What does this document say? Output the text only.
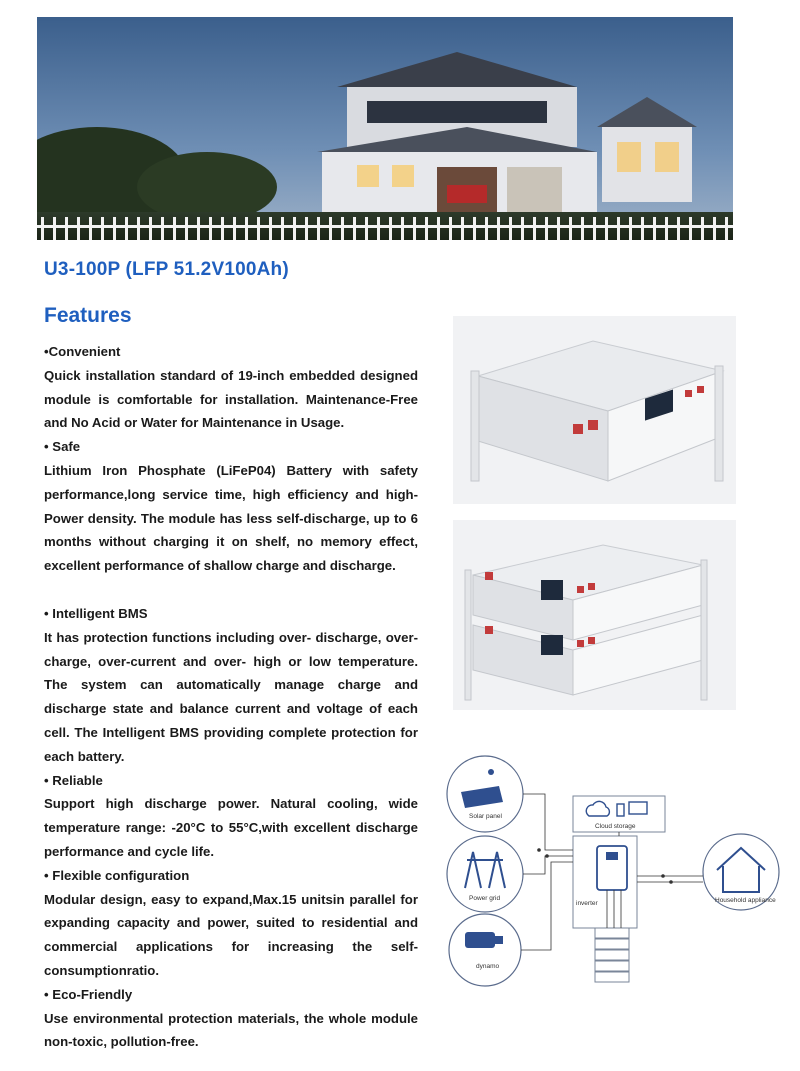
U3-100P (LFP 51.2V100Ah)
Features
•Convenient
Quick installation standard of 19-inch embedded designed module is comfortable for installation. Maintenance-Free and No Acid or Water for Maintenance in Usage.
• Safe
Lithium Iron Phosphate (LiFeP04) Battery with safety performance,long service time, high efficiency and high-Power density. The module has less self-discharge, up to 6 months without charging it on shelf, no memory effect, excellent performance of shallow charge and discharge.
• Intelligent BMS
It has protection functions including over- discharge, over-charge, over-current and over- high or low temperature. The system can automatically manage charge and discharge state and balance current and voltage of each cell. The Intelligent BMS providing complete protection for each battery.
• Reliable
Support high discharge power. Natural cooling, wide temperature range: -20°C to 55°C,with excellent discharge performance and cycle life.
• Flexible configuration
Modular design, easy to expand,Max.15 unitsin parallel for expanding capacity and power, suited to residential and commercial applications for increasing the self-consumptionratio.
• Eco-Friendly
Use environmental protection materials, the whole module non-toxic, pollution-free.
Solar panel
Power grid
dynamo
Cloud storage
inverter	Household appliance
